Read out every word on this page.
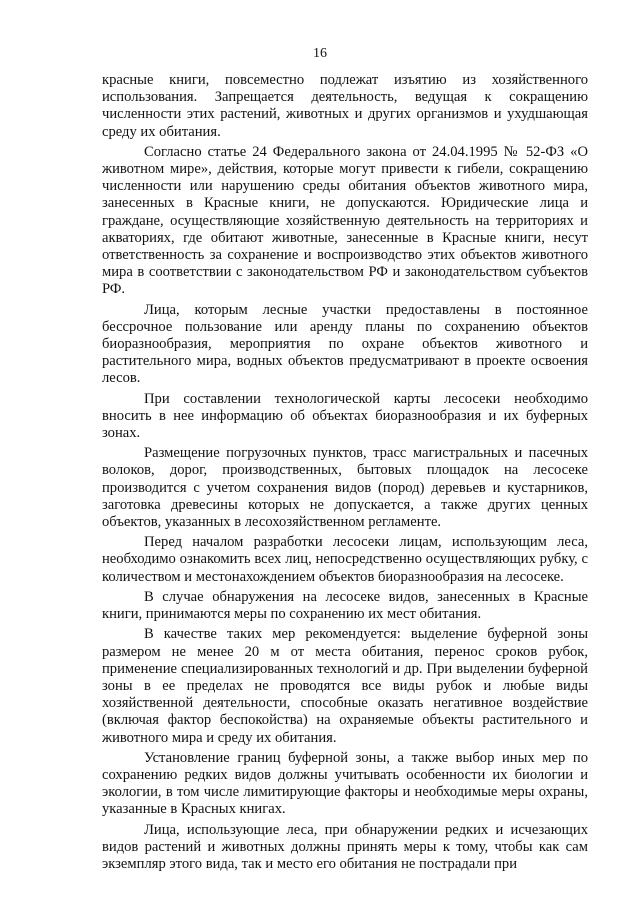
16

красные книги, повсеместно подлежат изъятию из хозяйственного использования. Запрещается деятельность, ведущая к сокращению численности этих растений, животных и других организмов и ухудшающая среду их обитания.

Согласно статье 24 Федерального закона от 24.04.1995 № 52-ФЗ «О животном мире», действия, которые могут привести к гибели, сокращению численности или нарушению среды обитания объектов животного мира, занесенных в Красные книги, не допускаются. Юридические лица и граждане, осуществляющие хозяйственную деятельность на территориях и акваториях, где обитают животные, занесенные в Красные книги, несут ответственность за сохранение и воспроизводство этих объектов животного мира в соответствии с законодательством РФ и законодательством субъектов РФ.

Лица, которым лесные участки предоставлены в постоянное бессрочное пользование или аренду планы по сохранению объектов биоразнообразия, мероприятия по охране объектов животного и растительного мира, водных объектов предусматривают в проекте освоения лесов.

При составлении технологической карты лесосеки необходимо вносить в нее информацию об объектах биоразнообразия и их буферных зонах.

Размещение погрузочных пунктов, трасс магистральных и пасечных волоков, дорог, производственных, бытовых площадок на лесосеке производится с учетом сохранения видов (пород) деревьев и кустарников, заготовка древесины которых не допускается, а также других ценных объектов, указанных в лесохозяйственном регламенте.

Перед началом разработки лесосеки лицам, использующим леса, необходимо ознакомить всех лиц, непосредственно осуществляющих рубку, с количеством и местонахождением объектов биоразнообразия на лесосеке.

В случае обнаружения на лесосеке видов, занесенных в Красные книги, принимаются меры по сохранению их мест обитания.

В качестве таких мер рекомендуется: выделение буферной зоны размером не менее 20 м от места обитания, перенос сроков рубок, применение специализированных технологий и др. При выделении буферной зоны в ее пределах не проводятся все виды рубок и любые виды хозяйственной деятельности, способные оказать негативное воздействие (включая фактор беспокойства) на охраняемые объекты растительного и животного мира и среду их обитания.

Установление границ буферной зоны, а также выбор иных мер по сохранению редких видов должны учитывать особенности их биологии и экологии, в том числе лимитирующие факторы и необходимые меры охраны, указанные в Красных книгах.

Лица, использующие леса, при обнаружении редких и исчезающих видов растений и животных должны принять меры к тому, чтобы как сам экземпляр этого вида, так и место его обитания не пострадали при
